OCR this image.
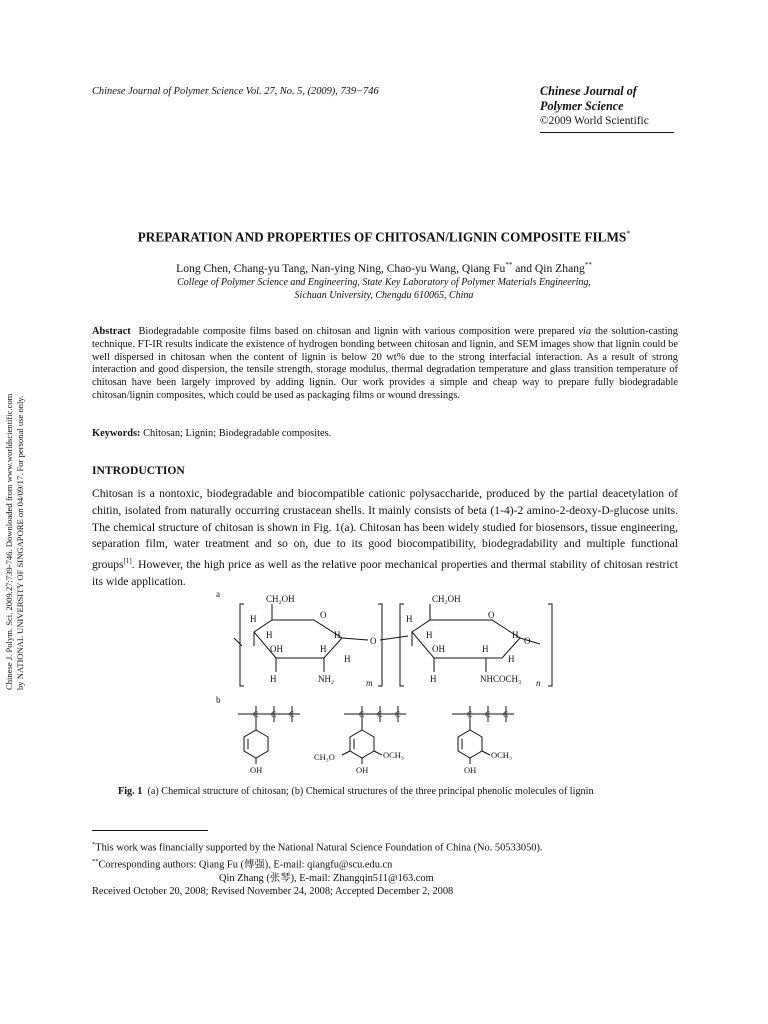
Chinese Journal of Polymer Science Vol. 27, No. 5, (2009), 739−746	Chinese Journal of
Polymer Science
©2009 World Scientific
PREPARATION AND PROPERTIES OF CHITOSAN/LIGNIN COMPOSITE FILMS*
Long Chen, Chang-yu Tang, Nan-ying Ning, Chao-yu Wang, Qiang Fu** and Qin Zhang**
College of Polymer Science and Engineering, State Key Laboratory of Polymer Materials Engineering,
Sichuan University, Chengdu 610065, China
Abstract Biodegradable composite films based on chitosan and lignin with various composition were prepared via the solution-casting technique. FT-IR results indicate the existence of hydrogen bonding between chitosan and lignin, and SEM images show that lignin could be well dispersed in chitosan when the content of lignin is below 20 wt% due to the strong interfacial interaction. As a result of strong interaction and good dispersion, the tensile strength, storage modulus, thermal degradation temperature and glass transition temperature of chitosan have been largely improved by adding lignin. Our work provides a simple and cheap way to prepare fully biodegradable chitosan/lignin composites, which could be used as packaging films or wound dressings.
Keywords: Chitosan; Lignin; Biodegradable composites.
INTRODUCTION
Chitosan is a nontoxic, biodegradable and biocompatible cationic polysaccharide, produced by the partial deacetylation of chitin, isolated from naturally occurring crustacean shells. It mainly consists of beta (1-4)-2 amino-2-deoxy-D-glucose units. The chemical structure of chitosan is shown in Fig. 1(a). Chitosan has been widely studied for biosensors, tissue engineering, separation film, water treatment and so on, due to its good biocompatibility, biodegradability and multiple functional groups[1]. However, the high price as well as the relative poor mechanical properties and thermal stability of chitosan restrict its wide application.
a
b
CH₂OH
H	O
H	H
O
OH	H
H
H	NH₂	m
CH₂OH
H	O
H	H
O
OH	H
H
H	NHCOCH₃ n
C C C
OH
C C C
CH₃O	OCH₃
OH
C C C
OCH₃
OH
Fig. 1 (a) Chemical structure of chitosan; (b) Chemical structures of the three principal phenolic molecules of lignin
*This work was financially supported by the National Natural Science Foundation of China (No. 50533050).
**Corresponding authors: Qiang Fu (傅强), E-mail: qiangfu@scu.edu.cn
Qin Zhang (张琴), E-mail: Zhangqin511@163.com
Received October 20, 2008; Revised November 24, 2008; Accepted December 2, 2008
Chinese J. Polym. Sci. 2009.27:739-746. Downloaded from www.worldscientific.com by NATIONAL UNIVERSITY OF SINGAPORE on 04/09/17. For personal use only.
